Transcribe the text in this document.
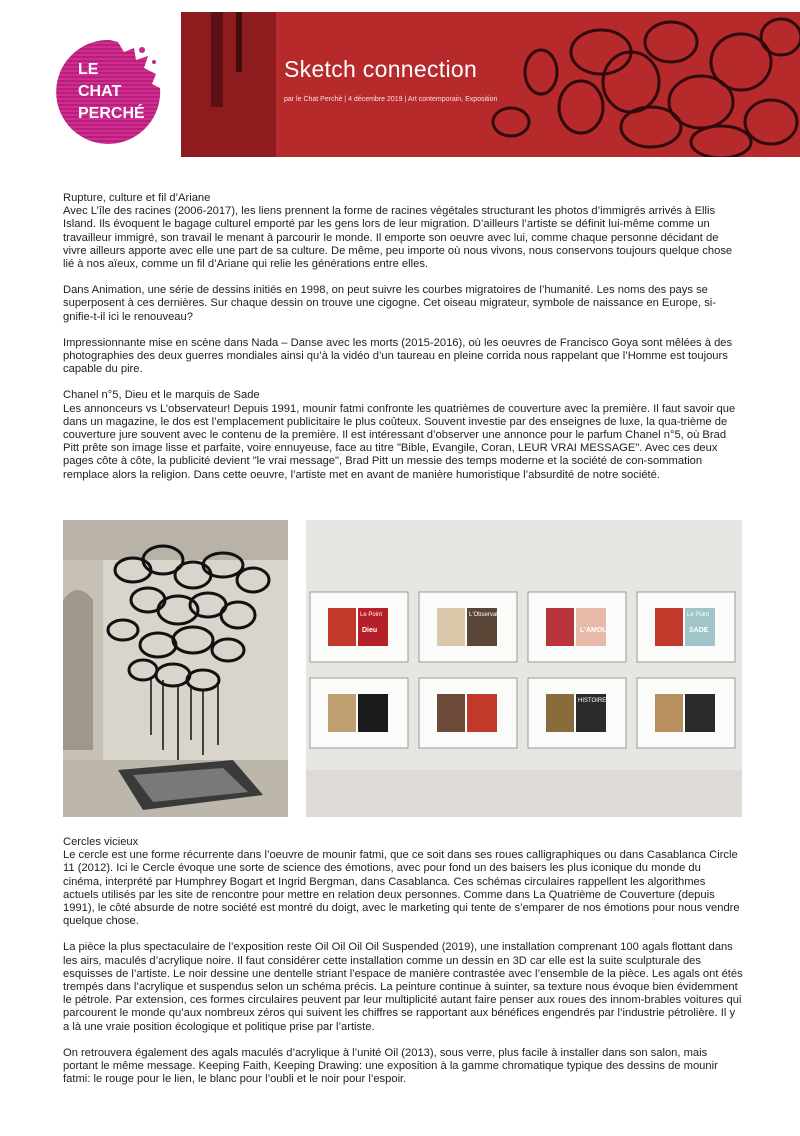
Sketch connection
par le Chat Perché | 4 décembre 2019 | Art contemporain, Exposition
LE
CHAT
PERCHÉ

Rupture, culture et fil d’Ariane

Avec L’île des racines (2006-2017), les liens prennent la forme de racines végétales structurant les photos d’immigrés arrivés à Ellis Island. Ils évoquent le bagage culturel emporté par les gens lors de leur migration. D’ailleurs l’artiste se définit lui-même comme un travailleur immigré, son travail le menant à parcourir le monde. Il emporte son oeuvre avec lui, comme chaque personne décidant de vivre ailleurs apporte avec elle une part de sa culture. De même, peu importe où nous vivons, nous conservons toujours quelque chose lié à nos aïeux, comme un fil d’Ariane qui relie les générations entre elles.

Dans Animation, une série de dessins initiés en 1998, on peut suivre les courbes migratoires de l’humanité. Les noms des pays se superposent à ces dernières. Sur chaque dessin on trouve une cigogne. Cet oiseau migrateur, symbole de naissance en Europe, si-gnifie-t-il ici le renouveau?

Impressionnante mise en scène dans Nada – Danse avec les morts (2015-2016), où les oeuvres de Francisco Goya sont mêlées à des photographies des deux guerres mondiales ainsi qu’à la vidéo d’un taureau en pleine corrida nous rappelant que l’Homme est toujours capable du pire.

Chanel n°5, Dieu et le marquis de Sade

Les annonceurs vs L’observateur! Depuis 1991, mounir fatmi confronte les quatrièmes de couverture avec la première. Il faut savoir que dans un magazine, le dos est l’emplacement publicitaire le plus coûteux. Souvent investie par des enseignes de luxe, la qua-trième de couverture jure souvent avec le contenu de la première. Il est intéressant d’observer une annonce pour le parfum Chanel n°5, où Brad Pitt prête son image lisse et parfaite, voire ennuyeuse, face au titre "Bible, Evangile, Coran, LEUR VRAI MESSAGE". Avec ces deux pages côte à côte, la publicité devient "le vrai message", Brad Pitt un messie des temps moderne et la société de con-sommation remplace alors la religion. Dans cette oeuvre, l’artiste met en avant de manière humoristique l’absurdité de notre société.

Le Point
Dieu
L'Observateur
L'AMOUR
Le Point
SADE
HISTOIRE

Cercles vicieux

Le cercle est une forme récurrente dans l’oeuvre de mounir fatmi, que ce soit dans ses roues calligraphiques ou dans Casablanca Circle 11 (2012). Ici le Cercle évoque une sorte de science des émotions, avec pour fond un des baisers les plus iconique du monde du cinéma, interprété par Humphrey Bogart et Ingrid Bergman, dans Casablanca. Ces schémas circulaires rappellent les algorithmes actuels utilisés par les site de rencontre pour mettre en relation deux personnes. Comme dans La Quatrième de Couverture (depuis 1991), le côté absurde de notre société est montré du doigt, avec le marketing qui tente de s’emparer de nos émotions pour nous vendre quelque chose.

La pièce la plus spectaculaire de l’exposition reste Oil Oil Oil Oil Suspended (2019), une installation comprenant 100 agals flottant dans les airs, maculés d’acrylique noire. Il faut considérer cette installation comme un dessin en 3D car elle est la suite sculpturale des esquisses de l’artiste. Le noir dessine une dentelle striant l’espace de manière contrastée avec l’ensemble de la pièce. Les agals ont étés trempés dans l’acrylique et suspendus selon un schéma précis. La peinture continue à suinter, sa texture nous évoque bien évidemment le pétrole. Par extension, ces formes circulaires peuvent par leur multiplicité autant faire penser aux roues des innom-brables voitures qui parcourent le monde qu’aux nombreux zéros qui suivent les chiffres se rapportant aux bénéfices engendrés par l’industrie pétrolière. Il y a là une vraie position écologique et politique prise par l’artiste.

On retrouvera également des agals maculés d’acrylique à l’unité Oil (2013), sous verre, plus facile à installer dans son salon, mais portant le même message. Keeping Faith, Keeping Drawing: une exposition à la gamme chromatique typique des dessins de mounir fatmi: le rouge pour le lien, le blanc pour l’oubli et le noir pour l’espoir.
